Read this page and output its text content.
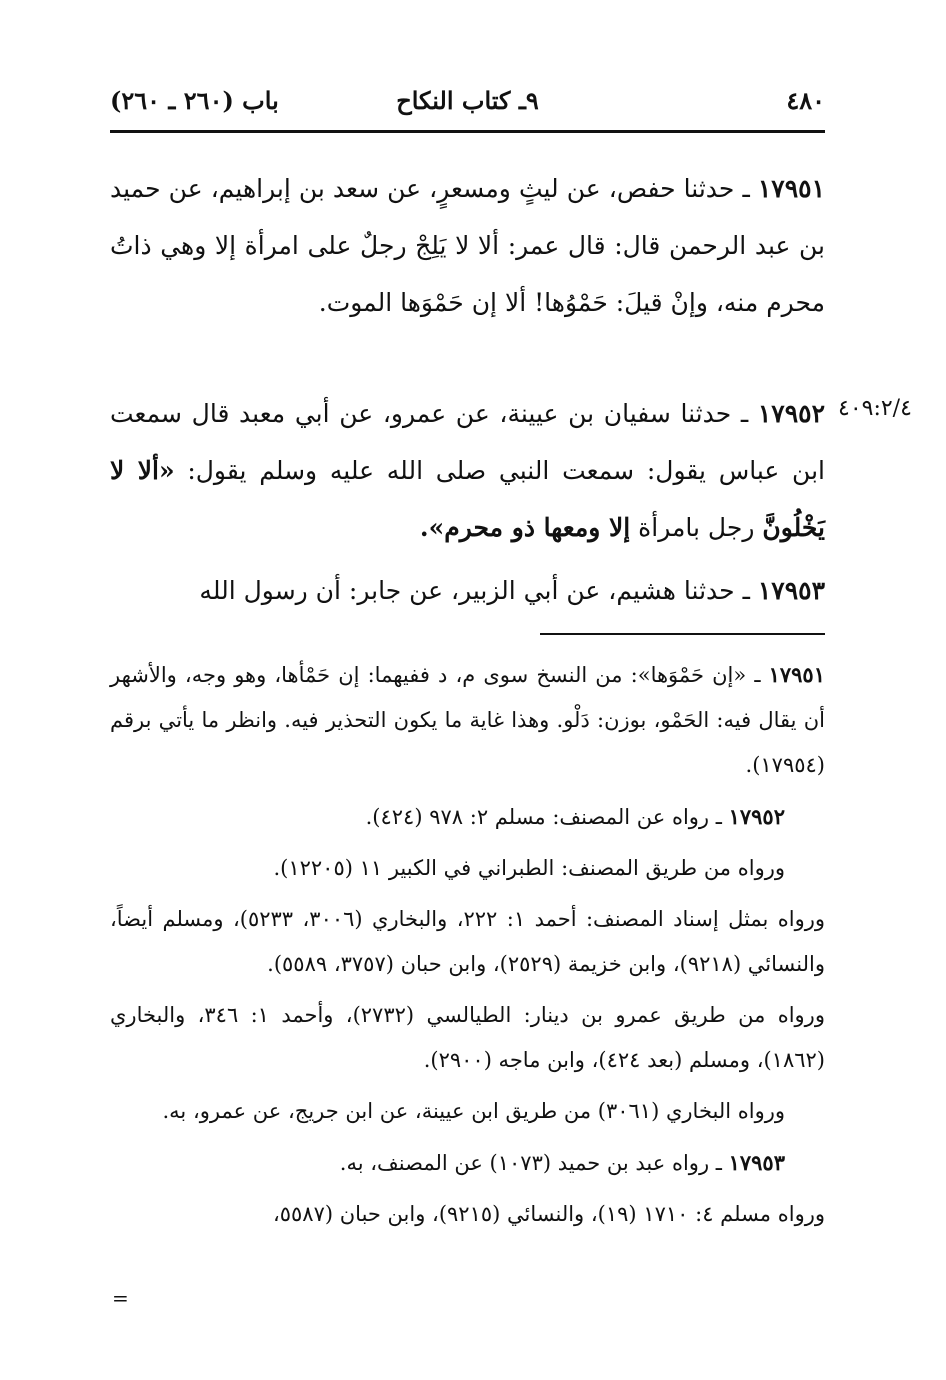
٤٨٠
٩ـ كتاب النكاح
باب (٢٦٠ ـ ٢٦٠)

١٧٩٥١ ـ حدثنا حفص، عن ليثٍ ومسعرٍ، عن سعد بن إبراهيم، عن حميد بن عبد الرحمن قال: قال عمر: ألا لا يَلِجْ رجلٌ على امرأة إلا وهي ذاتُ محرم منه، وإنْ قيلَ: حَمْوُها! ألا إن حَمْوَها الموت.

٤٠٩:٢/٤

١٧٩٥٢ ـ حدثنا سفيان بن عيينة، عن عمرو، عن أبي معبد قال سمعت ابن عباس يقول: سمعت النبي صلى الله عليه وسلم يقول: «ألا لا يَخْلُونَّ رجل بامرأة إلا ومعها ذو محرم».

١٧٩٥٣ ـ حدثنا هشيم، عن أبي الزبير، عن جابر: أن رسول الله

١٧٩٥١ ـ «إن حَمْوَها»: من النسخ سوى م، د ففيهما: إن حَمْأها، وهو وجه، والأشهر أن يقال فيه: الحَمْو، بوزن: دَلْو. وهذا غاية ما يكون التحذير فيه. وانظر ما يأتي برقم (١٧٩٥٤).

١٧٩٥٢ ـ رواه عن المصنف: مسلم ٢: ٩٧٨ (٤٢٤).

ورواه من طريق المصنف: الطبراني في الكبير ١١ (١٢٢٠٥).

ورواه بمثل إسناد المصنف: أحمد ١: ٢٢٢، والبخاري (٣٠٠٦، ٥٢٣٣)، ومسلم أيضاً، والنسائي (٩٢١٨)، وابن خزيمة (٢٥٢٩)، وابن حبان (٣٧٥٧، ٥٥٨٩).

ورواه من طريق عمرو بن دينار: الطيالسي (٢٧٣٢)، وأحمد ١: ٣٤٦، والبخاري (١٨٦٢)، ومسلم (بعد ٤٢٤)، وابن ماجه (٢٩٠٠).

ورواه البخاري (٣٠٦١) من طريق ابن عيينة، عن ابن جريج، عن عمرو، به.

١٧٩٥٣ ـ رواه عبد بن حميد (١٠٧٣) عن المصنف، به.

ورواه مسلم ٤: ١٧١٠ (١٩)، والنسائي (٩٢١٥)، وابن حبان (٥٥٨٧،

=
